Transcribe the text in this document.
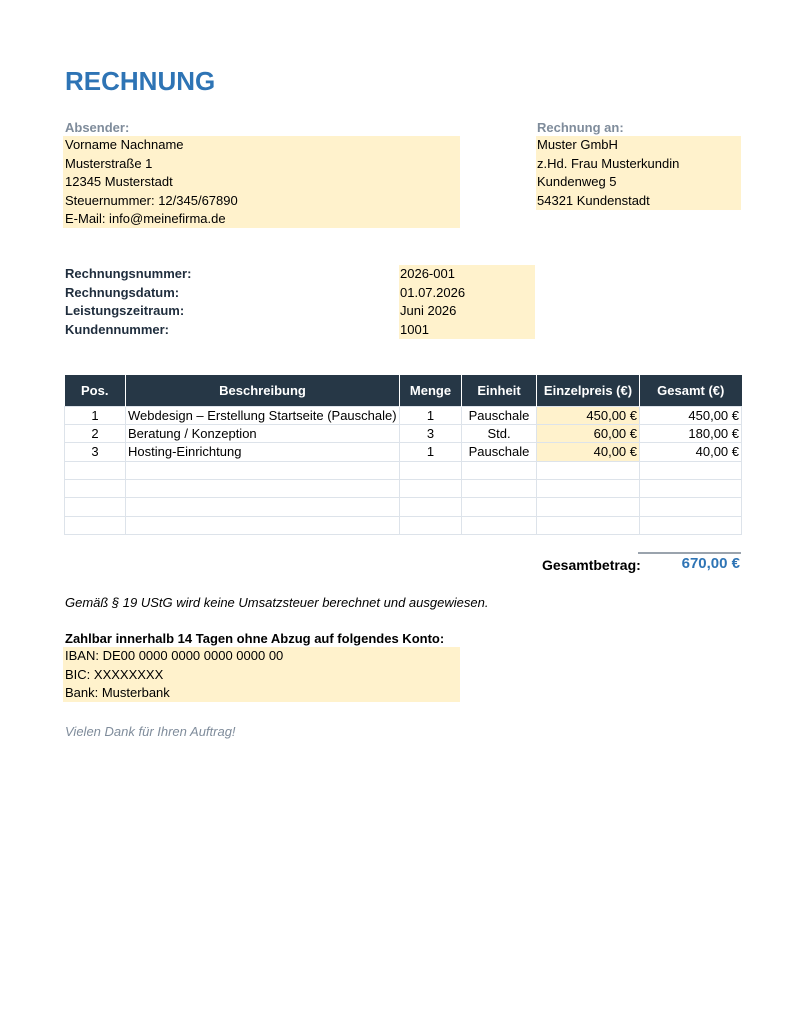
RECHNUNG
Absender:
Vorname Nachname
Musterstraße 1
12345 Musterstadt
Steuernummer: 12/345/67890
E-Mail: info@meinefirma.de
Rechnung an:
Muster GmbH
z.Hd. Frau Musterkundin
Kundenweg 5
54321 Kundenstadt
Rechnungsnummer:	2026-001
Rechnungsdatum:	01.07.2026
Leistungszeitraum:	Juni 2026
Kundennummer:	1001
Pos.	Beschreibung	Menge	Einheit	Einzelpreis (€)	Gesamt (€)
1	Webdesign – Erstellung Startseite (Pauschale)	1	Pauschale	450,00 €	450,00 €
2	Beratung / Konzeption	3	Std.	60,00 €	180,00 €
3	Hosting-Einrichtung	1	Pauschale	40,00 €	40,00 €

Gesamtbetrag:	670,00 €
Gemäß § 19 UStG wird keine Umsatzsteuer berechnet und ausgewiesen.
Zahlbar innerhalb 14 Tagen ohne Abzug auf folgendes Konto:
IBAN: DE00 0000 0000 0000 0000 00
BIC: XXXXXXXX
Bank: Musterbank
Vielen Dank für Ihren Auftrag!
